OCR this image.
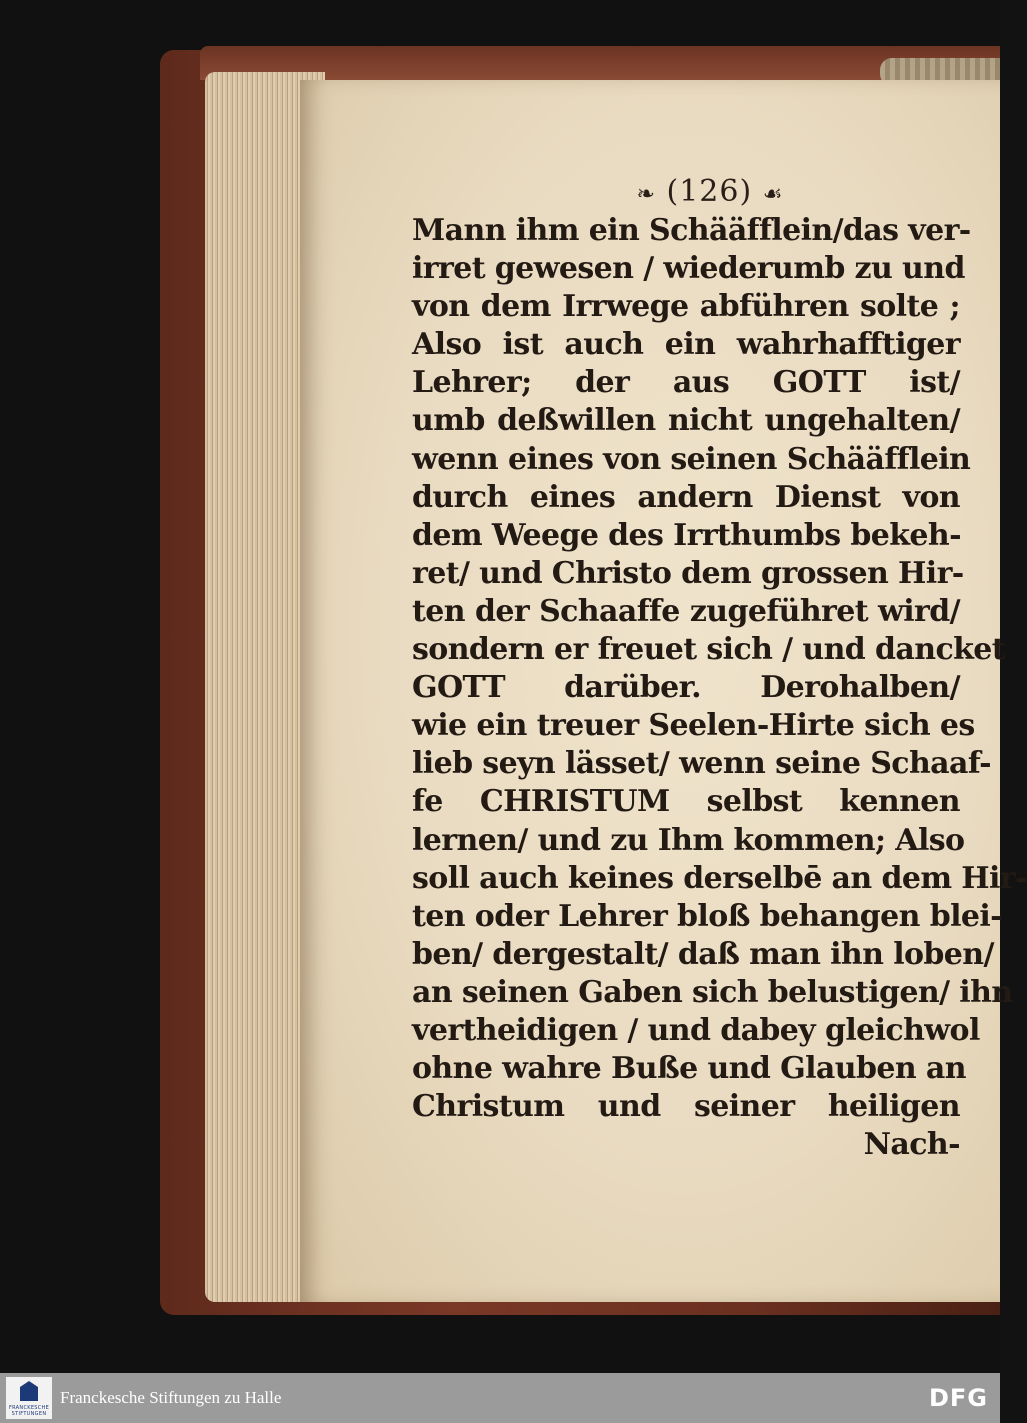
❧ (126) ☙
Mann ihm ein Schääfflein/das ver-
irret gewesen / wiederumb zu und
von dem Irrwege abführen solte ;
Also ist auch ein wahrhafftiger
Lehrer; der aus GOTT ist/
umb deßwillen nicht ungehalten/
wenn eines von seinen Schääfflein
durch eines andern Dienst von
dem Weege des Irrthumbs bekeh-
ret/ und Christo dem grossen Hir-
ten der Schaaffe zugeführet wird/
sondern er freuet sich / und dancket
GOTT darüber. Derohalben/
wie ein treuer Seelen-Hirte sich es
lieb seyn lässet/ wenn seine Schaaf-
fe CHRISTUM selbst kennen
lernen/ und zu Ihm kommen; Also
soll auch keines derselbē an dem Hir-
ten oder Lehrer bloß behangen blei-
ben/ dergestalt/ daß man ihn loben/
an seinen Gaben sich belustigen/ ihn
vertheidigen / und dabey gleichwol
ohne wahre Buße und Glauben an
Christum und seiner heiligen
Nach-
FRANCKESCHE STIFTUNGEN
Franckesche Stiftungen zu Halle	DFG
